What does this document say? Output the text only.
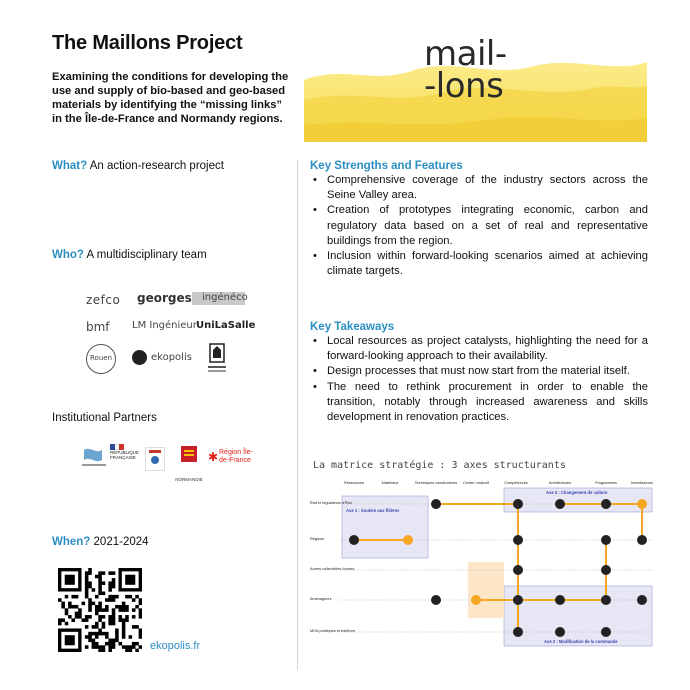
The Maillons Project
Examining the conditions for developing the use and supply of bio-based and geo-based materials by identifying the “missing links” in the Île-de-France and Normandy regions.
mail-
-lons
What? An action-research project
Who? A multidisciplinary team
zefco georges ingénéco
bmf LM Ingénieur UniLaSalle
Rouen	ekopolis
Institutional Partners
RÉPUBLIQUE FRANÇAISE
NORMANDIE
✱ Région Île-de-France
When? 2021-2024
ekopolis.fr
Key Strengths and Features
• Comprehensive coverage of the industry sectors across the Seine Valley area.
• Creation of prototypes integrating economic, carbon and regulatory data based on a set of real and representative buildings from the region.
• Inclusion within forward-looking scenarios aimed at achieving climate targets.
Key Takeaways
• Local resources as project catalysts, highlighting the need for a forward-looking approach to their availability.
• Design processes that must now start from the material itself.
• The need to rethink procurement in order to enable the transition, notably through increased awareness and skills development in renovation practices.
La matrice stratégie : 3 axes structurants
Ressources	Matériaux	Techniques constructives Centre ruralcolf	Compétences	Architectures	Programmes	Investisseurs
État et régulateurs d'État
Régions
Autres collectivités locales
Aménageurs
MOA publiques et bailleurs
Axe 1 : Soutien aux filières
Axe 3 : Changement de culture
Axe 2 : Modification de la commande
